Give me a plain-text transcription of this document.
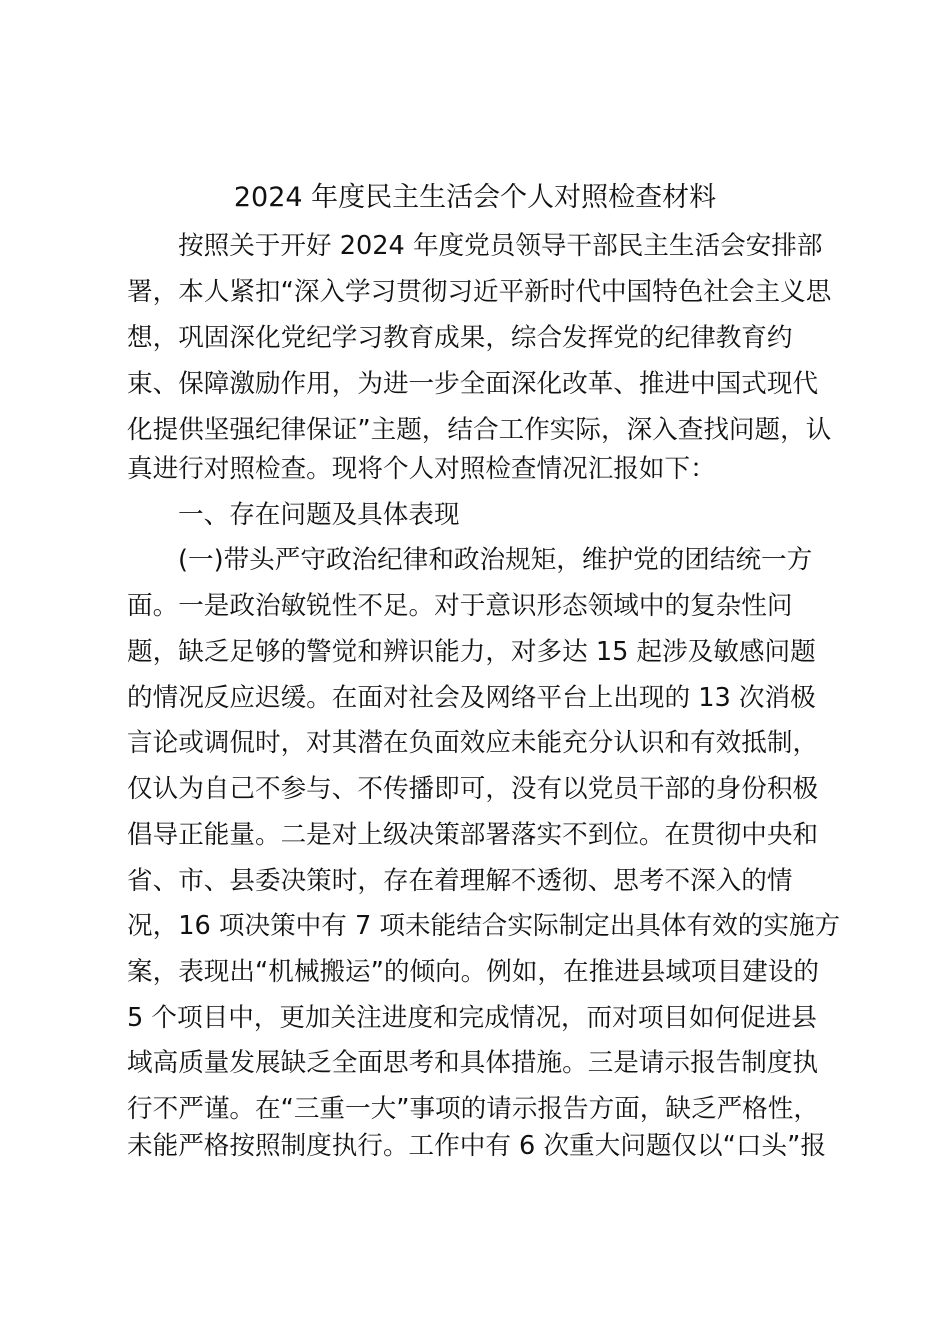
2024 年度民主生活会个人对照检查材料

按照关于开好 2024 年度党员领导干部民主生活会安排部

署，本人紧扣“深入学习贯彻习近平新时代中国特色社会主义思

想，巩固深化党纪学习教育成果，综合发挥党的纪律教育约

束、保障激励作用，为进一步全面深化改革、推进中国式现代

化提供坚强纪律保证”主题，结合工作实际，深入查找问题，认

真进行对照检查。现将个人对照检查情况汇报如下：

一、存在问题及具体表现

(一)带头严守政治纪律和政治规矩，维护党的团结统一方

面。一是政治敏锐性不足。对于意识形态领域中的复杂性问

题，缺乏足够的警觉和辨识能力，对多达 15 起涉及敏感问题

的情况反应迟缓。在面对社会及网络平台上出现的 13 次消极

言论或调侃时，对其潜在负面效应未能充分认识和有效抵制，

仅认为自己不参与、不传播即可，没有以党员干部的身份积极

倡导正能量。二是对上级决策部署落实不到位。在贯彻中央和

省、市、县委决策时，存在着理解不透彻、思考不深入的情

况，16 项决策中有 7 项未能结合实际制定出具体有效的实施方

案，表现出“机械搬运”的倾向。例如，在推进县域项目建设的

5 个项目中，更加关注进度和完成情况，而对项目如何促进县

域高质量发展缺乏全面思考和具体措施。三是请示报告制度执

行不严谨。在“三重一大”事项的请示报告方面，缺乏严格性，

未能严格按照制度执行。工作中有 6 次重大问题仅以“口头”报
